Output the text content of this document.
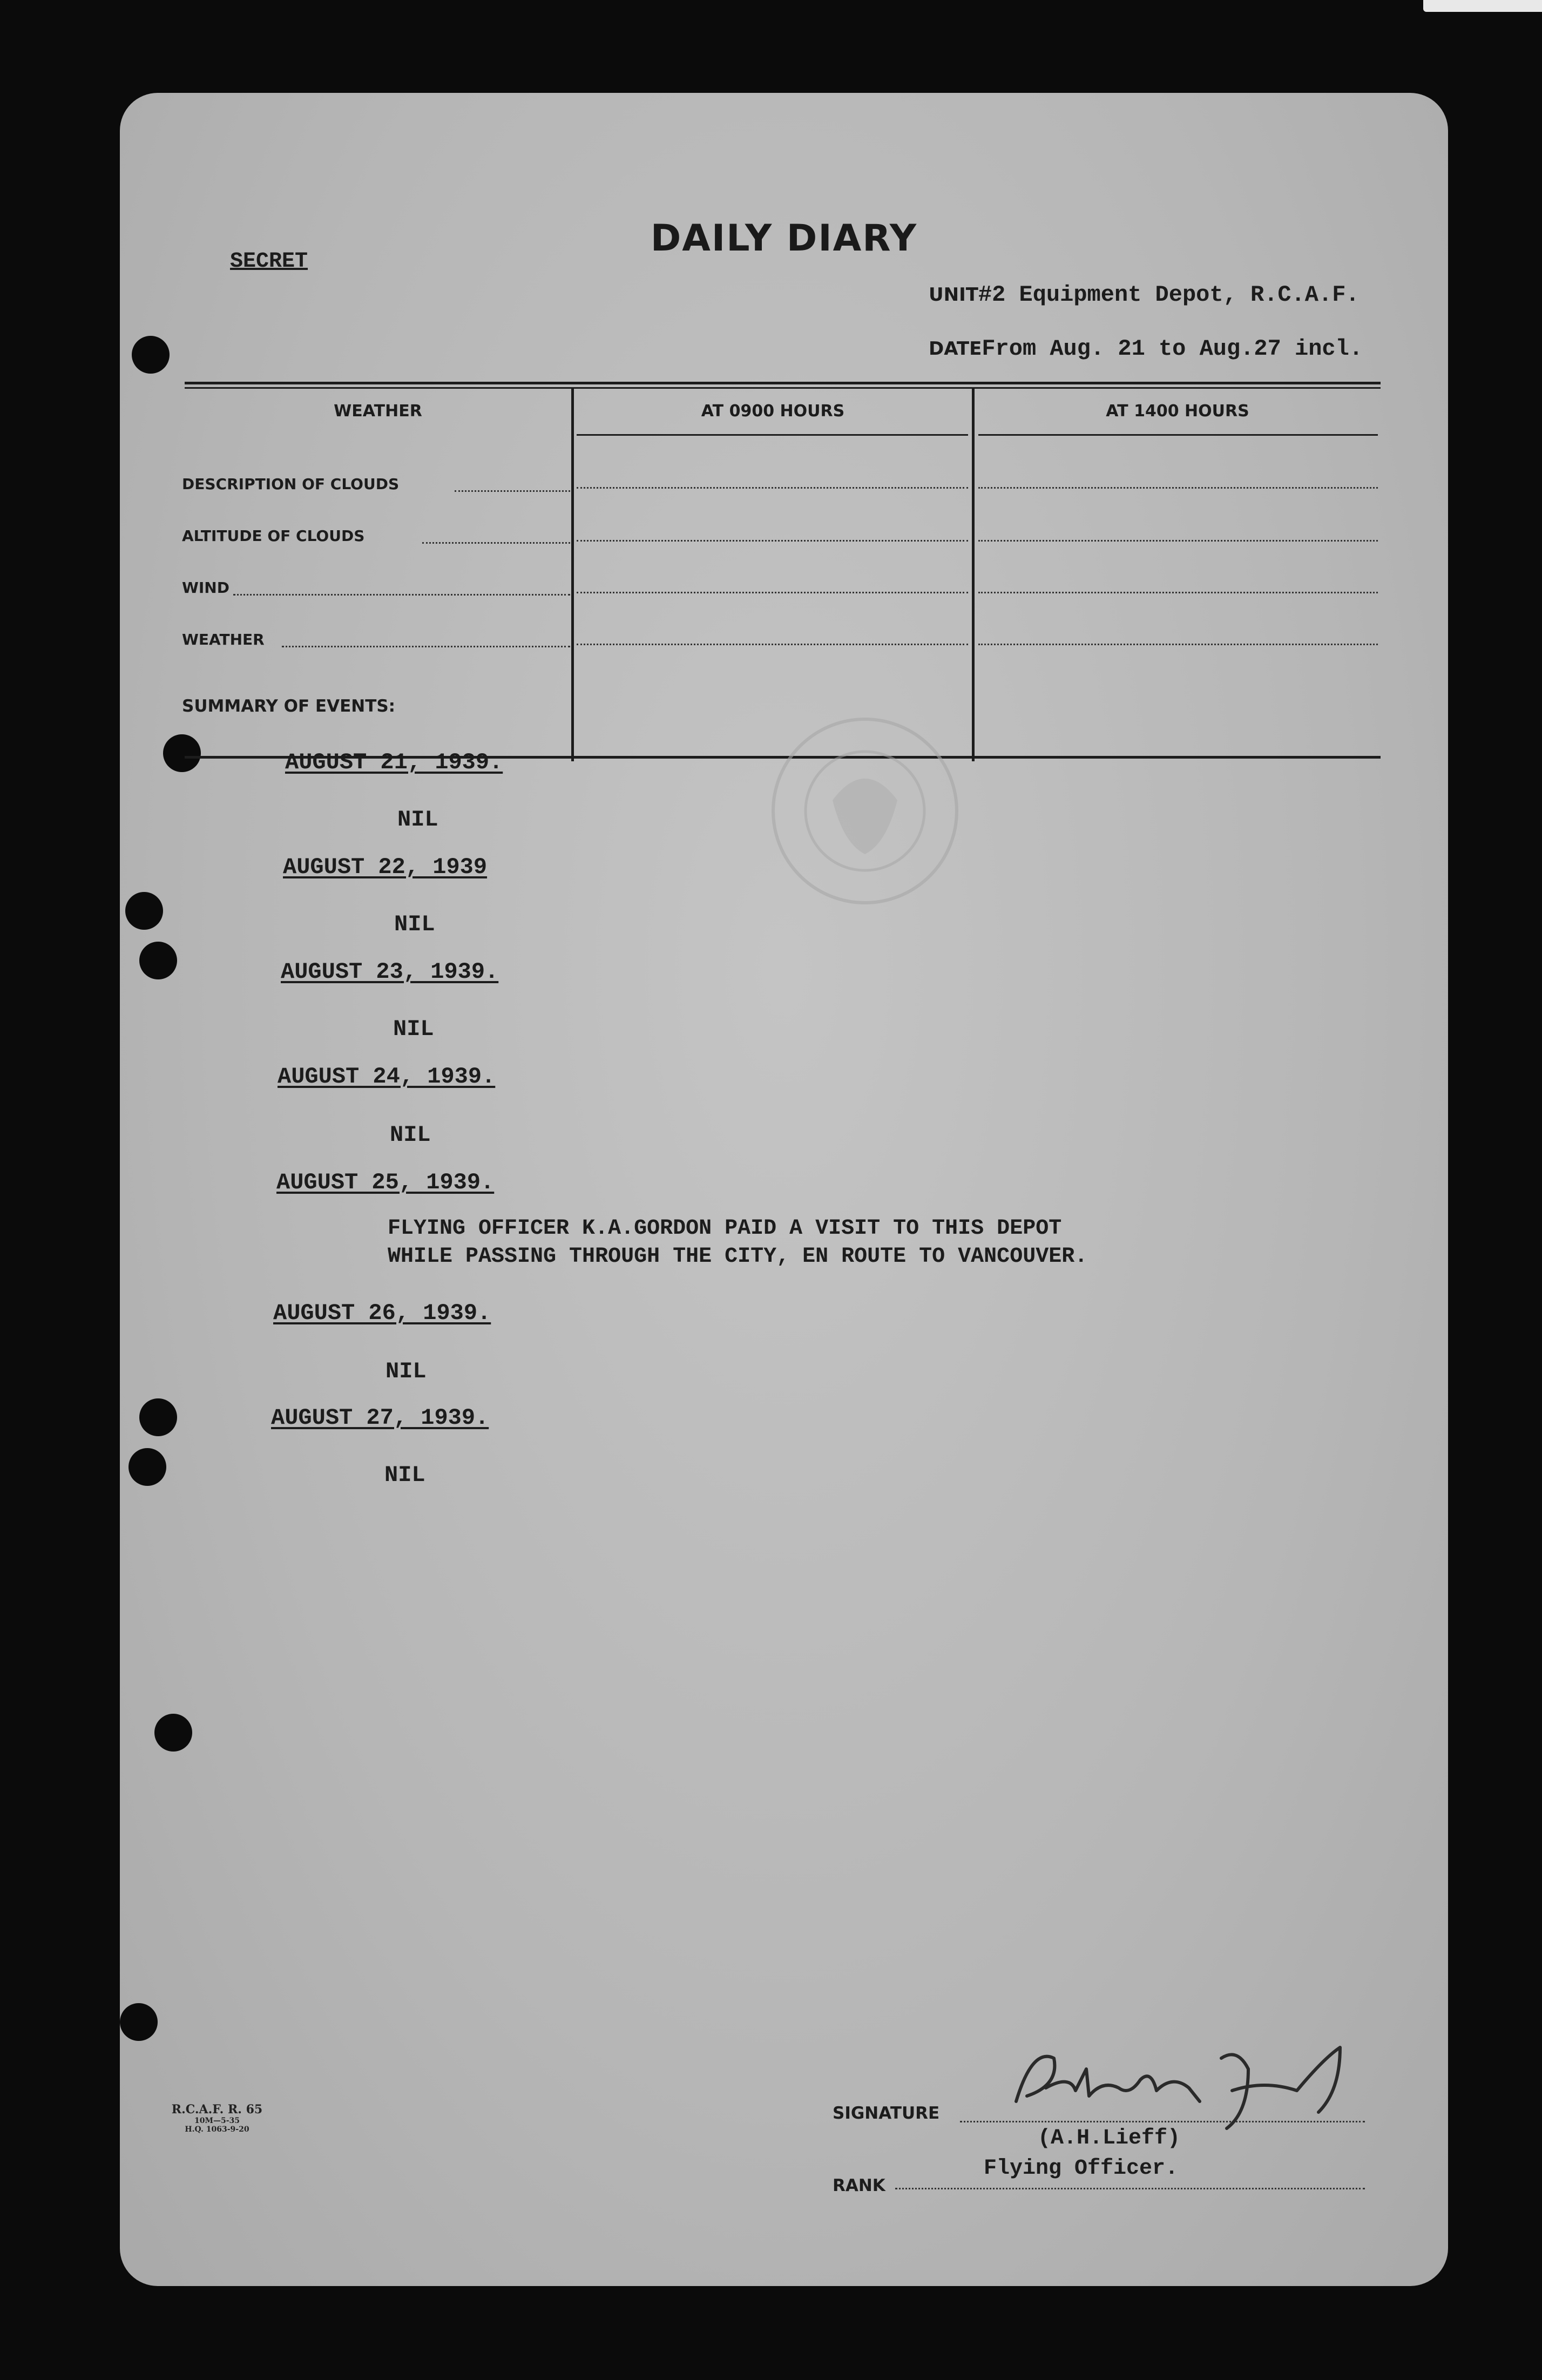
DAILY DIARY
SECRET
UNIT #2 Equipment Depot, R.C.A.F.
DATE From Aug. 21 to Aug.27 incl.
WEATHER	AT 0900 HOURS	AT 1400 HOURS
DESCRIPTION OF CLOUDS
ALTITUDE OF CLOUDS
WIND
WEATHER
SUMMARY OF EVENTS:
AUGUST 21, 1939.
NIL
AUGUST 22, 1939
NIL
AUGUST 23, 1939.
NIL
AUGUST 24, 1939.
NIL
AUGUST 25, 1939.
FLYING OFFICER K.A.GORDON PAID A VISIT TO THIS DEPOT
WHILE PASSING THROUGH THE CITY, EN ROUTE TO VANCOUVER.
AUGUST 26, 1939.
NIL
AUGUST 27, 1939.
NIL
R.C.A.F. R. 65
10M—5-35
H.Q. 1063-9-20
SIGNATURE
(A.H.Lieff)
RANK
Flying Officer.
